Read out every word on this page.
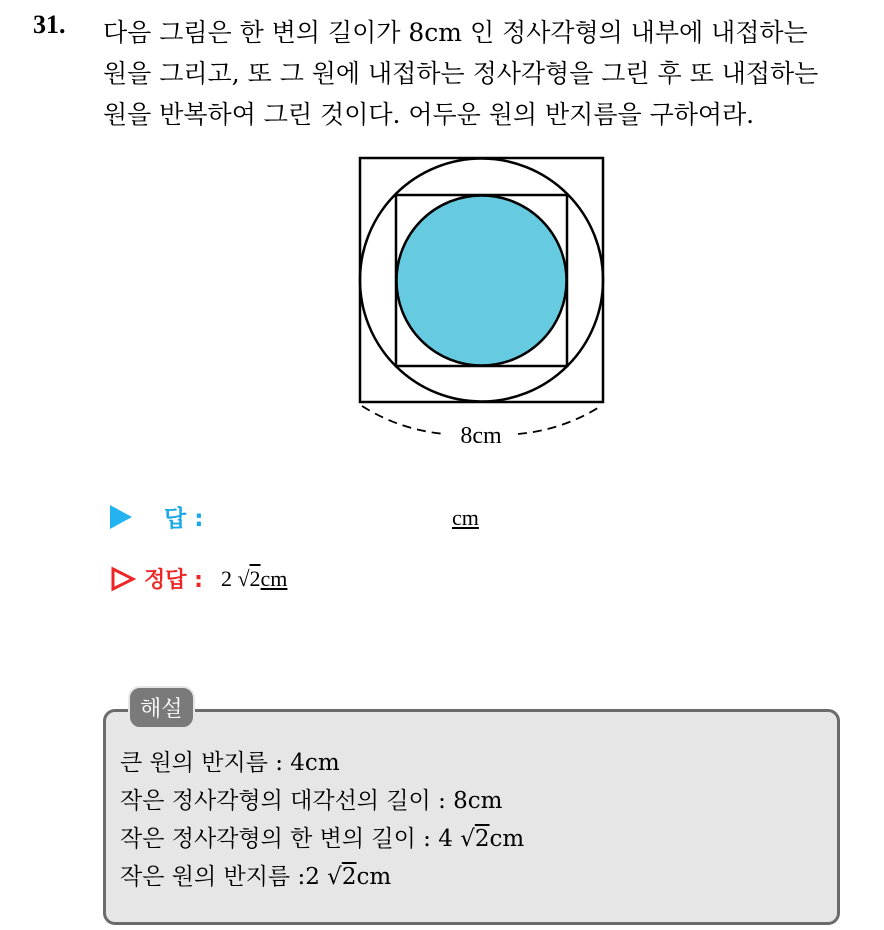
31. 다음 그림은 한 변의 길이가 8cm 인 정사각형의 내부에 내접하는
원을 그리고, 또 그 원에 내접하는 정사각형을 그린 후 또 내접하는
원을 반복하여 그린 것이다. 어두운 원의 반지름을 구하여라.
8cm
답 :	cm
정답 : 2 √2cm
해설
큰 원의 반지름 : 4cm
작은 정사각형의 대각선의 길이 : 8cm
작은 정사각형의 한 변의 길이 : 4 √2cm
작은 원의 반지름 :2 √2cm
